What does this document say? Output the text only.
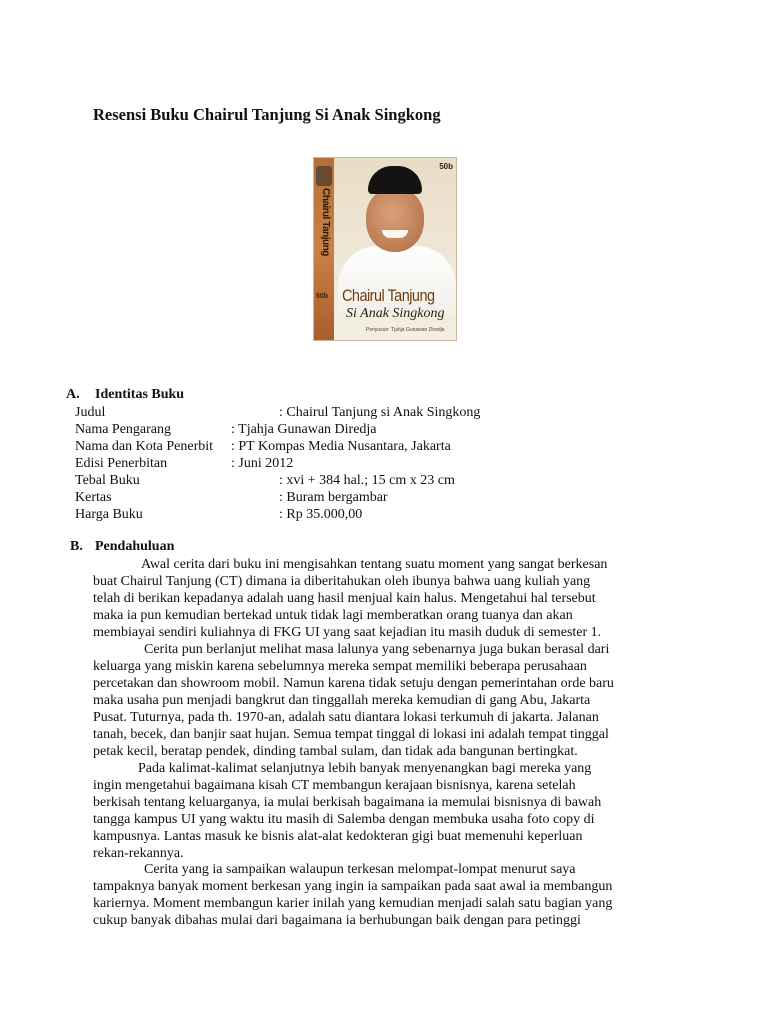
Resensi Buku Chairul Tanjung Si Anak Singkong
Chairul Tanjung
50b
50b
Chairul Tanjung
Si Anak Singkong
Penyusun: Tjahja Gunawan Diredja
A. Identitas Buku
Judul	: Chairul Tanjung si Anak Singkong
Nama Pengarang	: Tjahja Gunawan Diredja
Nama dan Kota Penerbit : PT Kompas Media Nusantara, Jakarta
Edisi Penerbitan	: Juni 2012
Tebal Buku	: xvi + 384 hal.; 15 cm x 23 cm
Kertas	: Buram bergambar
Harga Buku	: Rp 35.000,00
B. Pendahuluan

Awal cerita dari buku ini mengisahkan tentang suatu moment yang sangat berkesan
buat Chairul Tanjung (CT) dimana ia diberitahukan oleh ibunya bahwa uang kuliah yang
telah di berikan kepadanya adalah uang hasil menjual kain halus. Mengetahui hal tersebut
maka ia pun kemudian bertekad untuk tidak lagi memberatkan orang tuanya dan akan
membiayai sendiri kuliahnya di FKG UI yang saat kejadian itu masih duduk di semester 1.

Cerita pun berlanjut melihat masa lalunya yang sebenarnya juga bukan berasal dari
keluarga yang miskin karena sebelumnya mereka sempat memiliki beberapa perusahaan
percetakan dan showroom mobil. Namun karena tidak setuju dengan pemerintahan orde baru
maka usaha pun menjadi bangkrut dan tinggallah mereka kemudian di gang Abu, Jakarta
Pusat. Tuturnya, pada th. 1970-an, adalah satu diantara lokasi terkumuh di jakarta. Jalanan
tanah, becek, dan banjir saat hujan. Semua tempat tinggal di lokasi ini adalah tempat tinggal
petak kecil, beratap pendek, dinding tambal sulam, dan tidak ada bangunan bertingkat.

Pada kalimat-kalimat selanjutnya lebih banyak menyenangkan bagi mereka yang
ingin mengetahui bagaimana kisah CT membangun kerajaan bisnisnya, karena setelah
berkisah tentang keluarganya, ia mulai berkisah bagaimana ia memulai bisnisnya di bawah
tangga kampus UI yang waktu itu masih di Salemba dengan membuka usaha foto copy di
kampusnya. Lantas masuk ke bisnis alat-alat kedokteran gigi buat memenuhi keperluan
rekan-rekannya.

Cerita yang ia sampaikan walaupun terkesan melompat-lompat menurut saya
tampaknya banyak moment berkesan yang ingin ia sampaikan pada saat awal ia membangun
kariernya. Moment membangun karier inilah yang kemudian menjadi salah satu bagian yang
cukup banyak dibahas mulai dari bagaimana ia berhubungan baik dengan para petinggi
